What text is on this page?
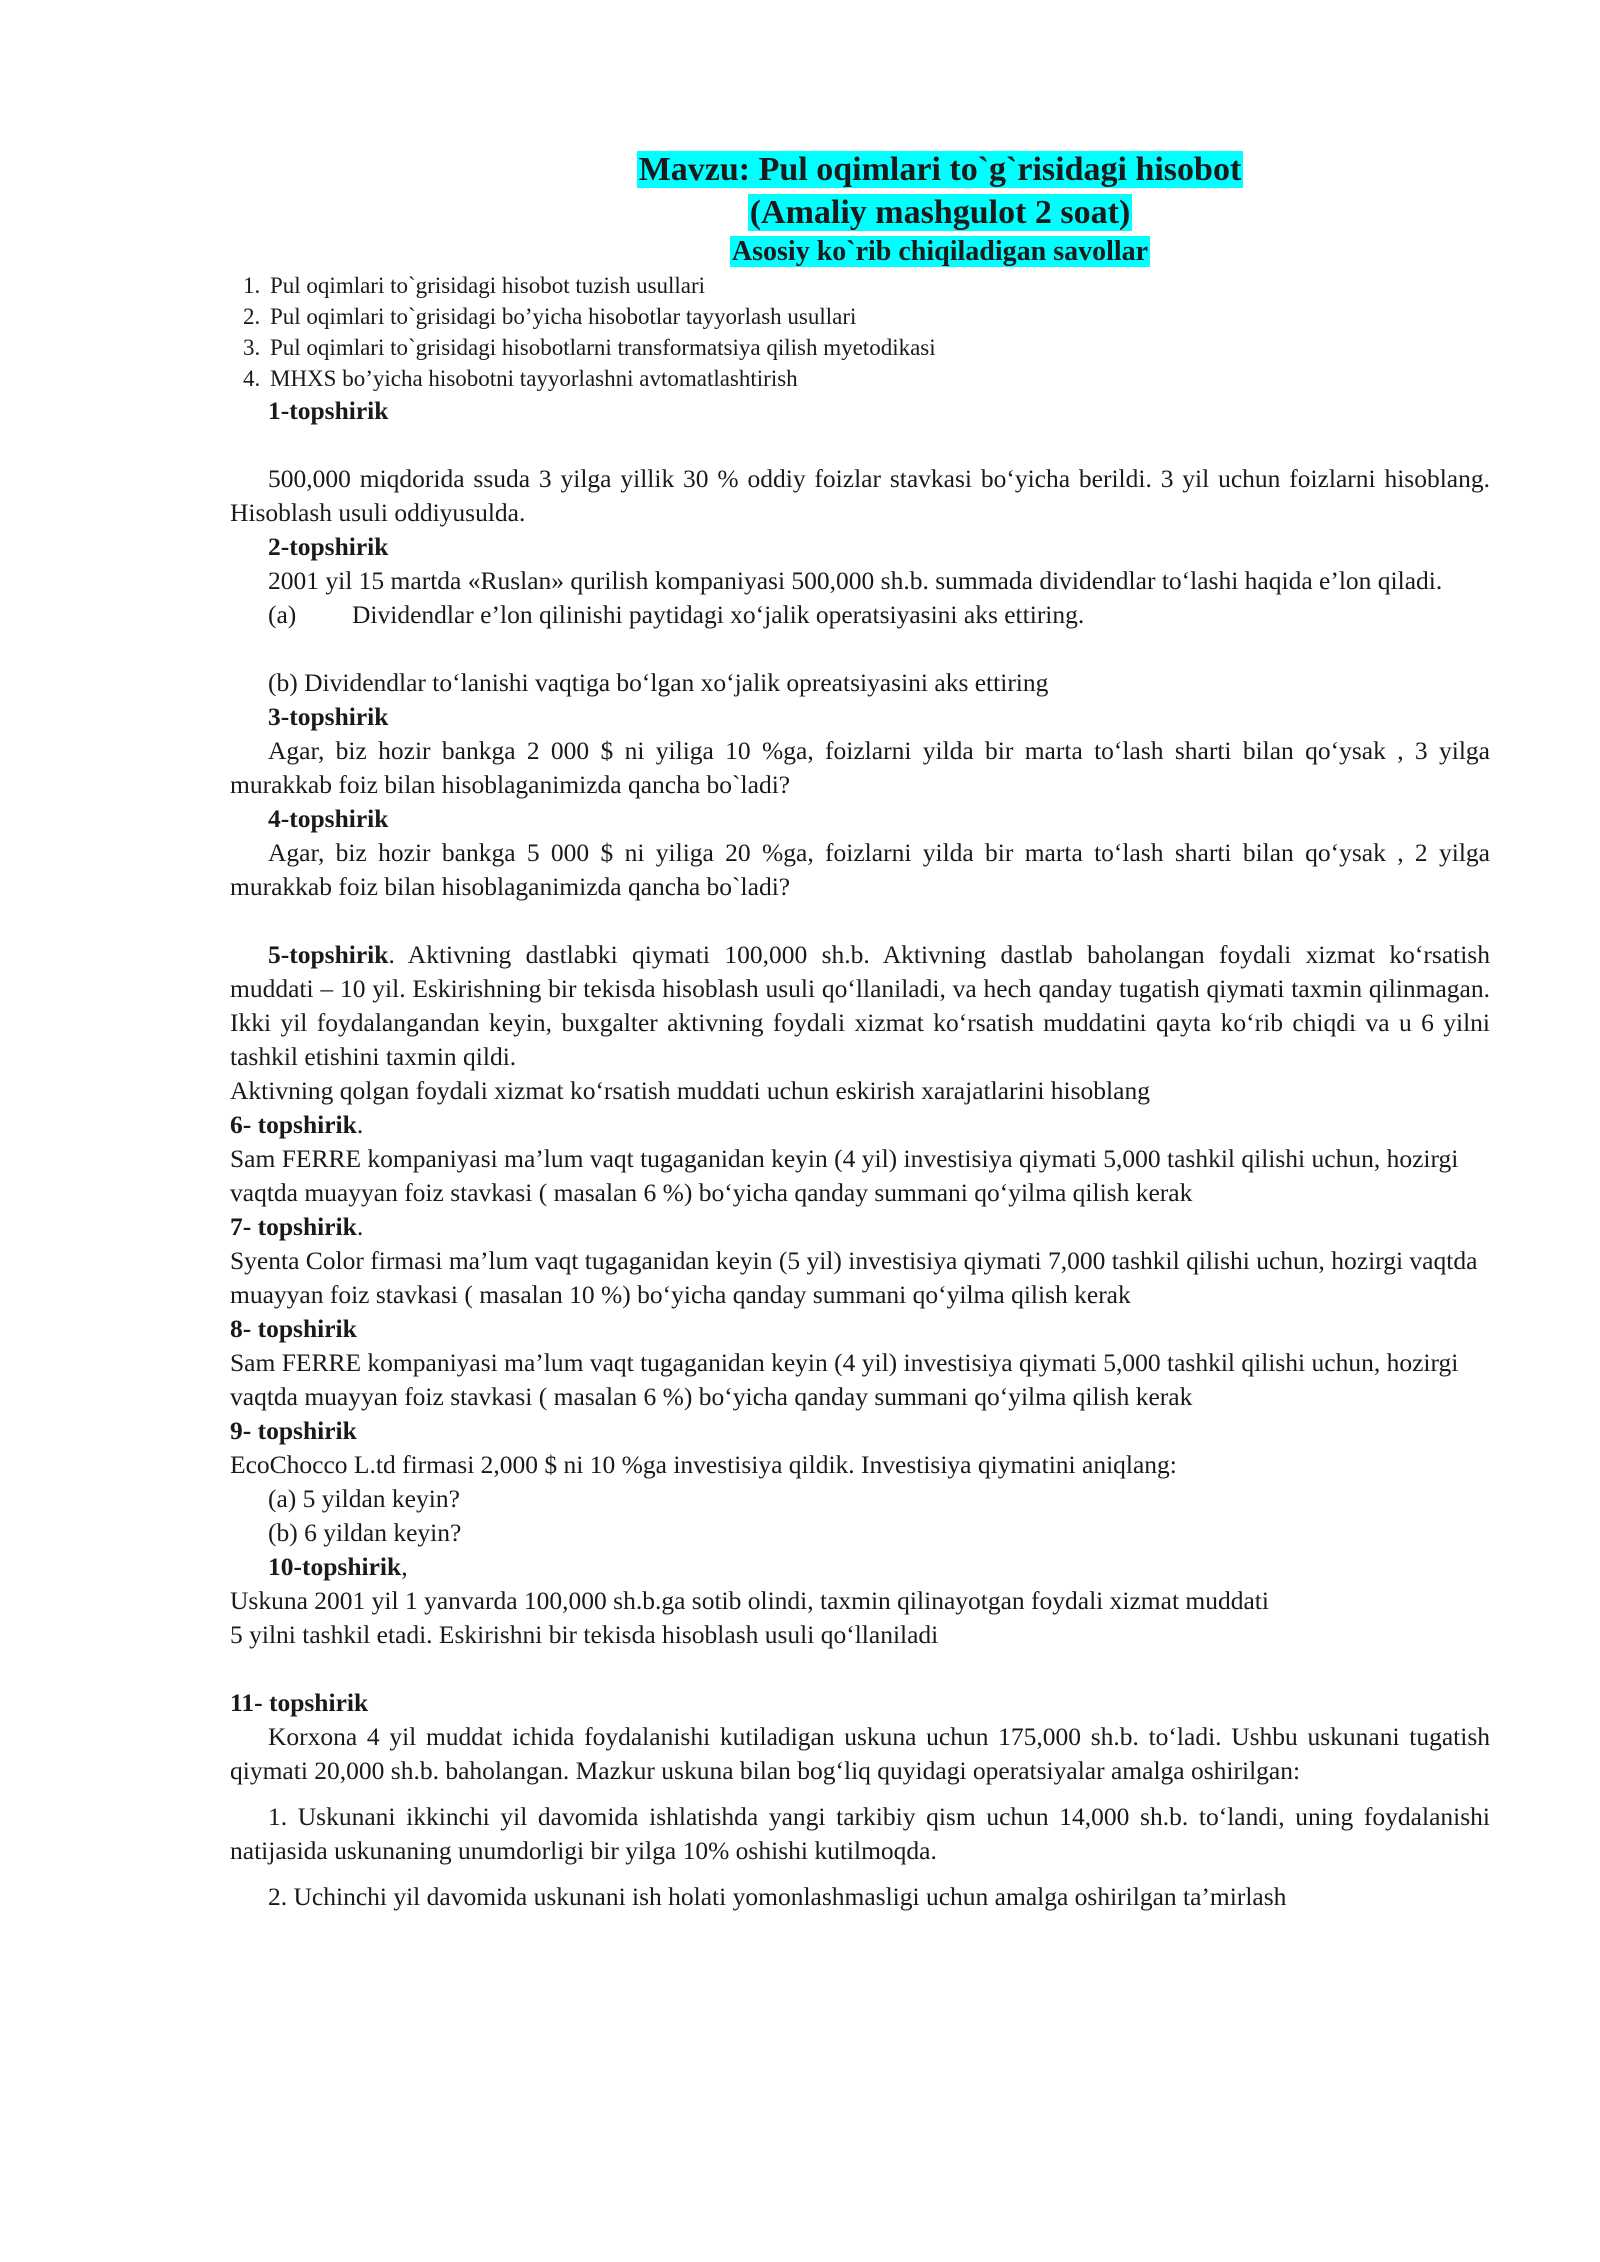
Mavzu: Pul oqimlari to`g`risidagi hisobot
(Amaliy mashgulot 2 soat)
Asosiy ko`rib chiqiladigan savollar
1. Pul oqimlari to`grisidagi hisobot tuzish usullari
2. Pul oqimlari to`grisidagi bo’yicha hisobotlar tayyorlash usullari
3. Pul oqimlari to`grisidagi hisobotlarni transformatsiya qilish myetodikasi
4. MHXS bo’yicha hisobotni tayyorlashni avtomatlashtirish

1-topshirik

500,000 miqdorida ssuda 3 yilga yillik 30 % oddiy foizlar stavkasi bo‘yicha berildi. 3 yil uchun foizlarni hisoblang. Hisoblash usuli oddiyusulda.

2-topshirik

2001 yil 15 martda «Ruslan» qurilish kompaniyasi 500,000 sh.b. summada dividendlar to‘lashi haqida e’lon qiladi.

(a) Dividendlar e’lon qilinishi paytidagi xo‘jalik operatsiyasini aks ettiring.

(b) Dividendlar to‘lanishi vaqtiga bo‘lgan xo‘jalik opreatsiyasini aks ettiring

3-topshirik

Agar, biz hozir bankga 2 000 $ ni yiliga 10 %ga, foizlarni yilda bir marta to‘lash sharti bilan qo‘ysak , 3 yilga murakkab foiz bilan hisoblaganimizda qancha bo`ladi?

4-topshirik

Agar, biz hozir bankga 5 000 $ ni yiliga 20 %ga, foizlarni yilda bir marta to‘lash sharti bilan qo‘ysak , 2 yilga murakkab foiz bilan hisoblaganimizda qancha bo`ladi?

5-topshirik. Aktivning dastlabki qiymati 100,000 sh.b. Aktivning dastlab baholangan foydali xizmat ko‘rsatish muddati – 10 yil. Eskirishning bir tekisda hisoblash usuli qo‘llaniladi, va hech qanday tugatish qiymati taxmin qilinmagan. Ikki yil foydalangandan keyin, buxgalter aktivning foydali xizmat ko‘rsatish muddatini qayta ko‘rib chiqdi va u 6 yilni tashkil etishini taxmin qildi.

Aktivning qolgan foydali xizmat ko‘rsatish muddati uchun eskirish xarajatlarini hisoblang

6- topshirik.

Sam FERRE kompaniyasi ma’lum vaqt tugaganidan keyin (4 yil) investisiya qiymati 5,000 tashkil qilishi uchun, hozirgi vaqtda muayyan foiz stavkasi ( masalan 6 %) bo‘yicha qanday summani qo‘yilma qilish kerak

7- topshirik.

Syenta Color firmasi ma’lum vaqt tugaganidan keyin (5 yil) investisiya qiymati 7,000 tashkil qilishi uchun, hozirgi vaqtda muayyan foiz stavkasi ( masalan 10 %) bo‘yicha qanday summani qo‘yilma qilish kerak

8- topshirik

Sam FERRE kompaniyasi ma’lum vaqt tugaganidan keyin (4 yil) investisiya qiymati 5,000 tashkil qilishi uchun, hozirgi vaqtda muayyan foiz stavkasi ( masalan 6 %) bo‘yicha qanday summani qo‘yilma qilish kerak

9- topshirik

EcoChocco L.td firmasi 2,000 $ ni 10 %ga investisiya qildik. Investisiya qiymatini aniqlang:

(a) 5 yildan keyin?

(b) 6 yildan keyin?

10-topshirik,

Uskuna 2001 yil 1 yanvarda 100,000 sh.b.ga sotib olindi, taxmin qilinayotgan foydali xizmat muddati

5 yilni tashkil etadi. Eskirishni bir tekisda hisoblash usuli qo‘llaniladi

11- topshirik

Korxona 4 yil muddat ichida foydalanishi kutiladigan uskuna uchun 175,000 sh.b. to‘ladi. Ushbu uskunani tugatish qiymati 20,000 sh.b. baholangan. Mazkur uskuna bilan bog‘liq quyidagi operatsiyalar amalga oshirilgan:

1. Uskunani ikkinchi yil davomida ishlatishda yangi tarkibiy qism uchun 14,000 sh.b. to‘landi, uning foydalanishi natijasida uskunaning unumdorligi bir yilga 10% oshishi kutilmoqda.

2. Uchinchi yil davomida uskunani ish holati yomonlashmasligi uchun amalga oshirilgan ta’mirlash
